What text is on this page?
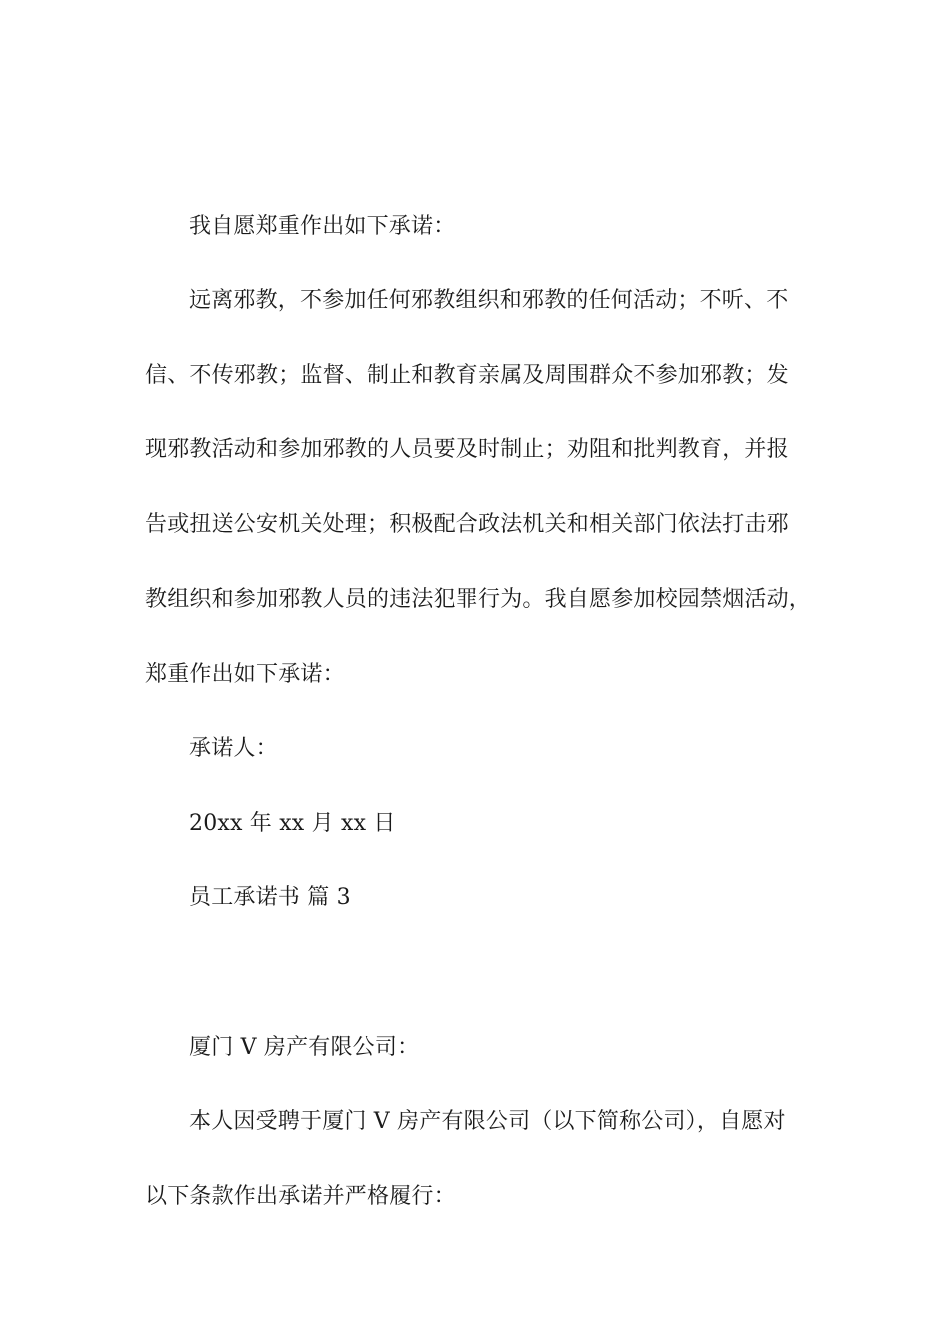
我自愿郑重作出如下承诺：
远离邪教，不参加任何邪教组织和邪教的任何活动；不听、不
信、不传邪教；监督、制止和教育亲属及周围群众不参加邪教；发
现邪教活动和参加邪教的人员要及时制止；劝阻和批判教育，并报
告或扭送公安机关处理；积极配合政法机关和相关部门依法打击邪
教组织和参加邪教人员的违法犯罪行为。我自愿参加校园禁烟活动，
郑重作出如下承诺：
承诺人：
20xx 年 xx 月 xx 日
员工承诺书 篇 3
厦门 V 房产有限公司：
本人因受聘于厦门 V 房产有限公司（以下简称公司），自愿对
以下条款作出承诺并严格履行：
